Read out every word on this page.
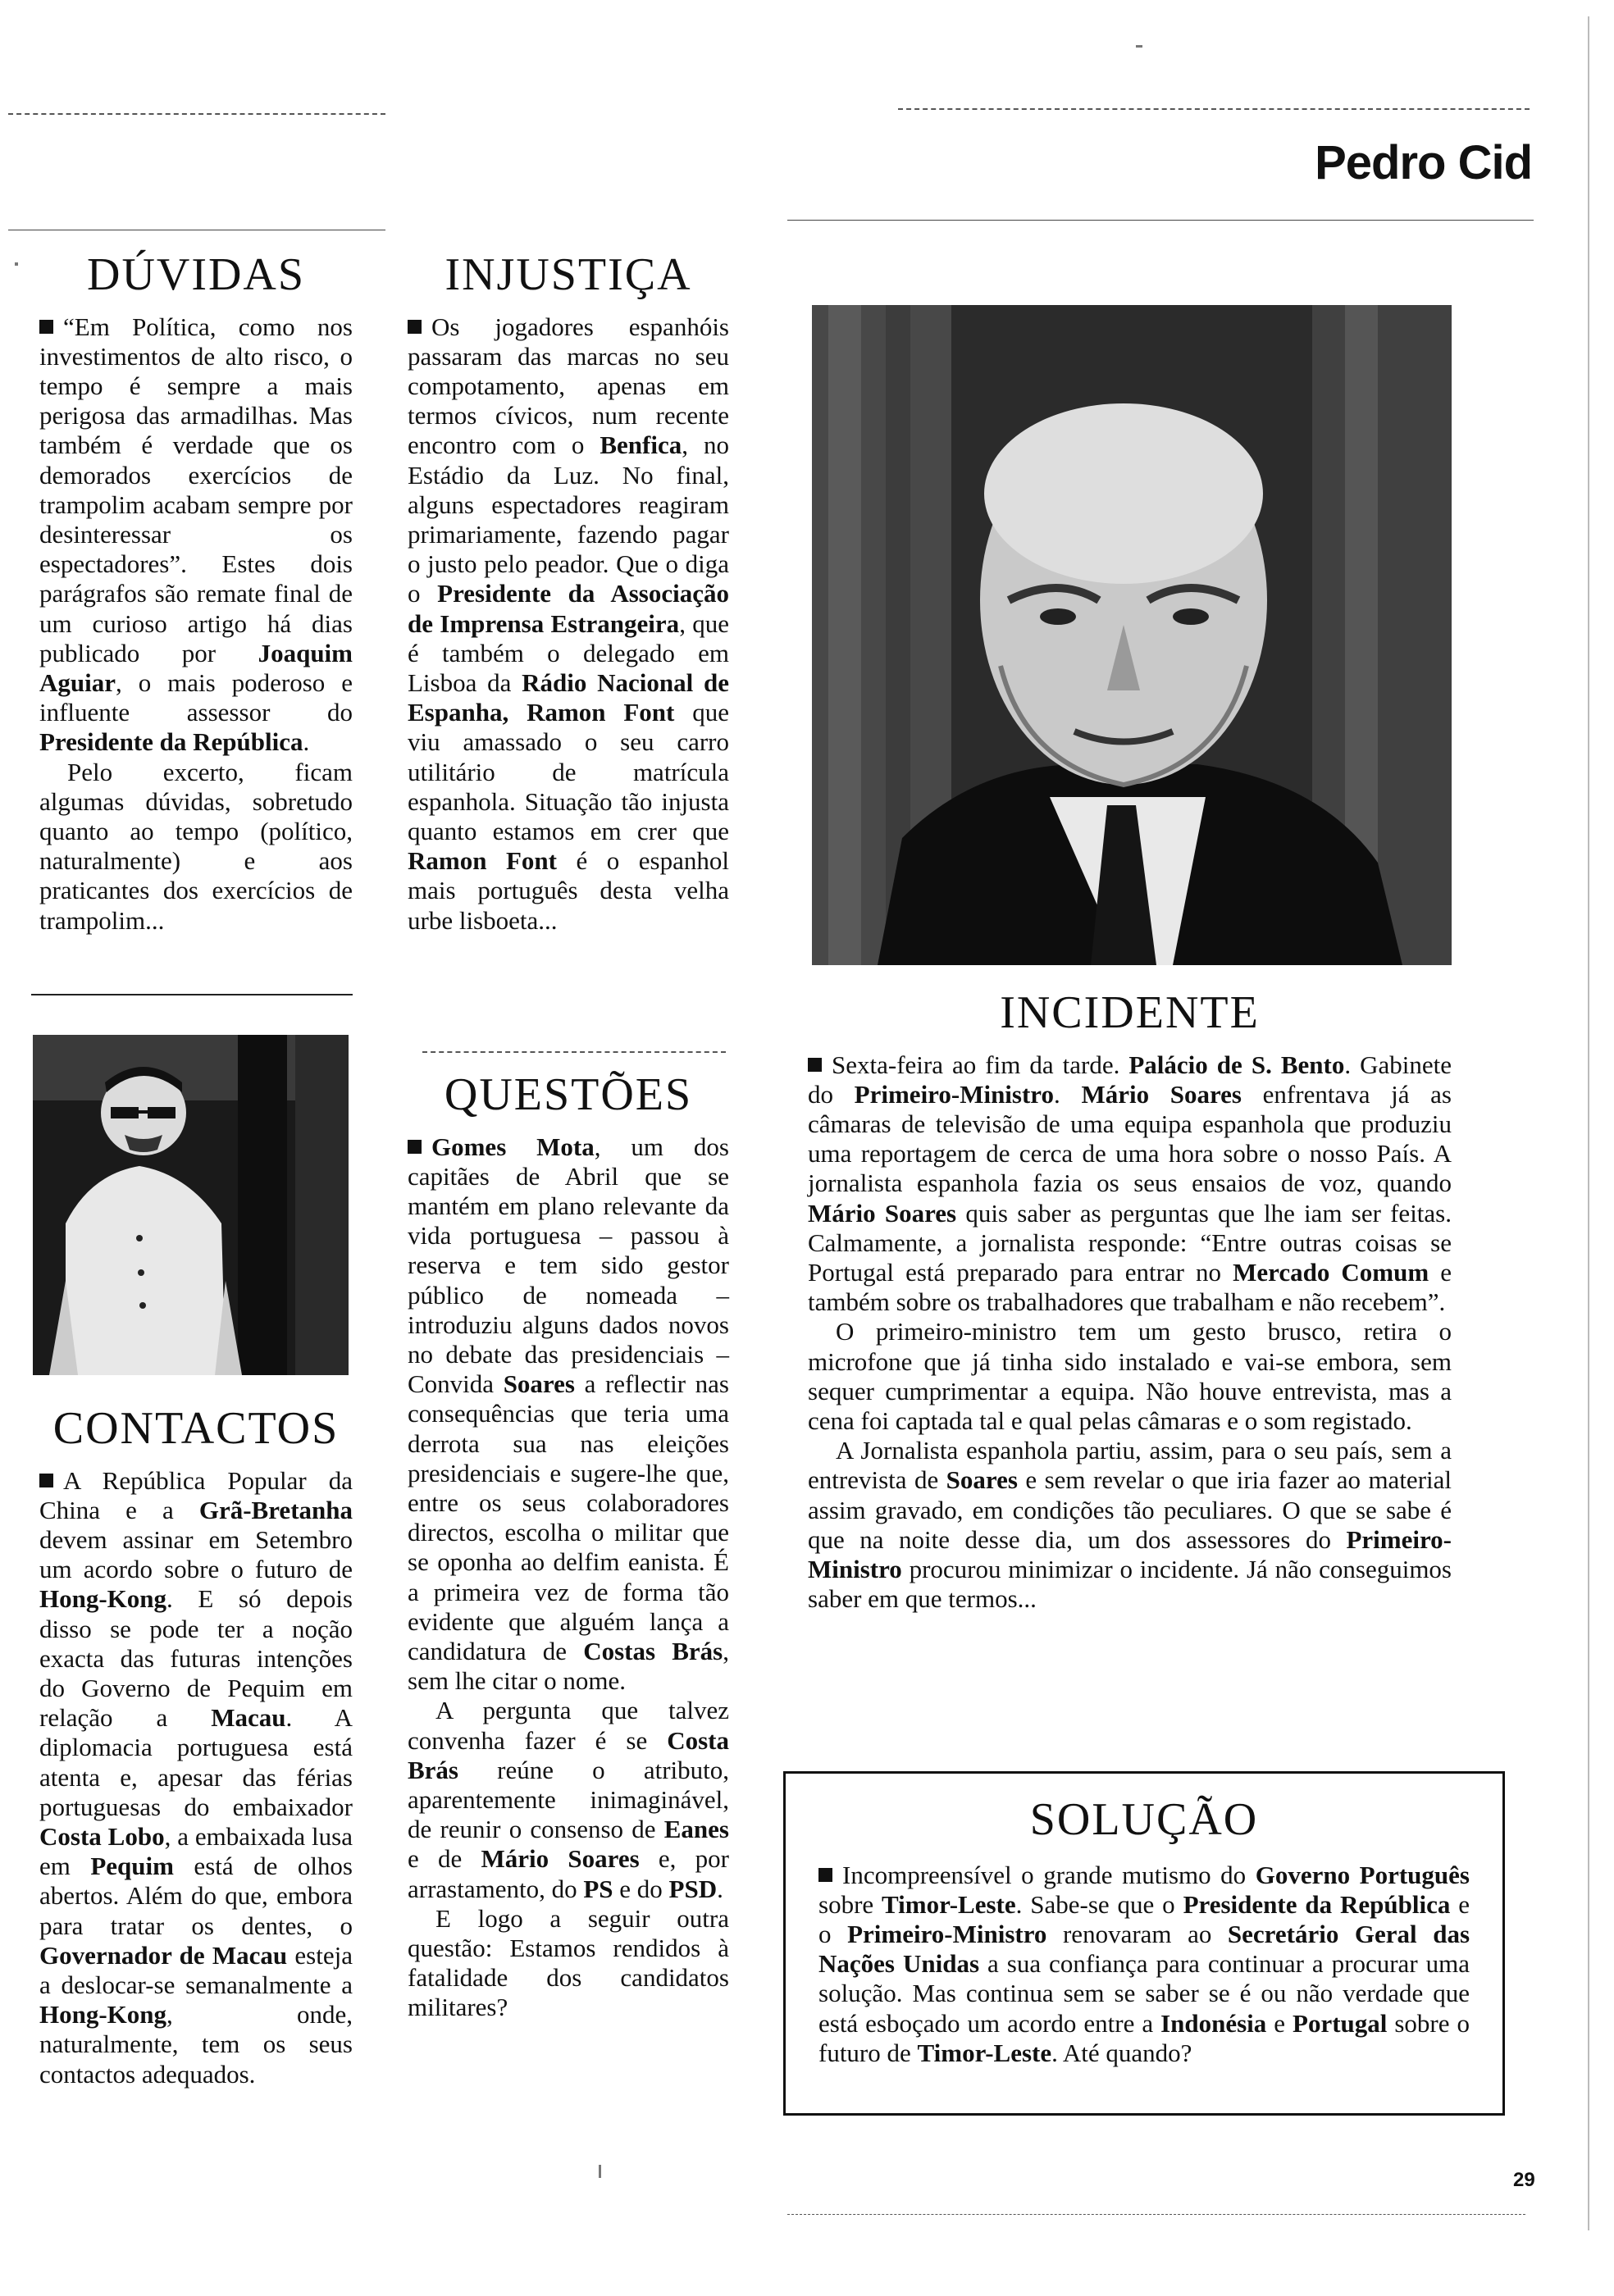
Pedro Cid
DÚVIDAS

“Em Política, como nos investimentos de alto risco, o tempo é sempre a mais perigosa das armadilhas. Mas também é verdade que os demorados exercícios de trampolim acabam sempre por desinteressar os espectadores”. Estes dois parágrafos são remate final de um curioso artigo há dias publicado por Joaquim Aguiar, o mais poderoso e influente assessor do Presidente da República.

Pelo excerto, ficam algumas dúvidas, sobretudo quanto ao tempo (político, naturalmente) e aos praticantes dos exercícios de trampolim...

CONTACTOS

A República Popular da China e a Grã-Bretanha devem assinar em Setembro um acordo sobre o futuro de Hong-Kong. E só depois disso se pode ter a noção exacta das futuras intenções do Governo de Pequim em relação a Macau. A diplomacia portuguesa está atenta e, apesar das férias portuguesas do embaixador Costa Lobo, a embaixada lusa em Pequim está de olhos abertos. Além do que, embora para tratar os dentes, o Governador de Macau esteja a deslocar-se semanalmente a Hong-Kong, onde, naturalmente, tem os seus contactos adequados.

INJUSTIÇA

Os jogadores espanhóis passaram das marcas no seu compotamento, apenas em termos cívicos, num recente encontro com o Benfica, no Estádio da Luz. No final, alguns espectadores reagiram primariamente, fazendo pagar o justo pelo peador. Que o diga o Presidente da Associação de Imprensa Estrangeira, que é também o delegado em Lisboa da Rádio Nacional de Espanha, Ramon Font que viu amassado o seu carro utilitário de matrícula espanhola. Situação tão injusta quanto estamos em crer que Ramon Font é o espanhol mais português desta velha urbe lisboeta...

QUESTÕES

Gomes Mota, um dos capitães de Abril que se mantém em plano relevante da vida portuguesa – passou à reserva e tem sido gestor público de nomeada – introduziu alguns dados novos no debate das presidenciais – Convida Soares a reflectir nas consequências que teria uma derrota sua nas eleições presidenciais e sugere-lhe que, entre os seus colaboradores directos, escolha o militar que se oponha ao delfim eanista. É a primeira vez de forma tão evidente que alguém lança a candidatura de Costas Brás, sem lhe citar o nome.

A pergunta que talvez convenha fazer é se Costa Brás reúne o atributo, aparentemente inimaginável, de reunir o consenso de Eanes e de Mário Soares e, por arrastamento, do PS e do PSD.

E logo a seguir outra questão: Estamos rendidos à fatalidade dos candidatos militares?

INCIDENTE

Sexta-feira ao fim da tarde. Palácio de S. Bento. Gabinete do Primeiro-Ministro. Mário Soares enfrentava já as câmaras de televisão de uma equipa espanhola que produziu uma reportagem de cerca de uma hora sobre o nosso País. A jornalista espanhola fazia os seus ensaios de voz, quando Mário Soares quis saber as perguntas que lhe iam ser feitas. Calmamente, a jornalista responde: “Entre outras coisas se Portugal está preparado para entrar no Mercado Comum e também sobre os trabalhadores que trabalham e não recebem”.

O primeiro-ministro tem um gesto brusco, retira o microfone que já tinha sido instalado e vai-se embora, sem sequer cumprimentar a equipa. Não houve entrevista, mas a cena foi captada tal e qual pelas câmaras e o som registado.

A Jornalista espanhola partiu, assim, para o seu país, sem a entrevista de Soares e sem revelar o que iria fazer ao material assim gravado, em condições tão peculiares. O que se sabe é que na noite desse dia, um dos assessores do Primeiro-Ministro procurou minimizar o incidente. Já não conseguimos saber em que termos...

SOLUÇÃO

Incompreensível o grande mutismo do Governo Português sobre Timor-Leste. Sabe-se que o Presidente da República e o Primeiro-Ministro renovaram ao Secretário Geral das Nações Unidas a sua confiança para continuar a procurar uma solução. Mas continua sem se saber se é ou não verdade que está esboçado um acordo entre a Indonésia e Portugal sobre o futuro de Timor-Leste. Até quando?

29
